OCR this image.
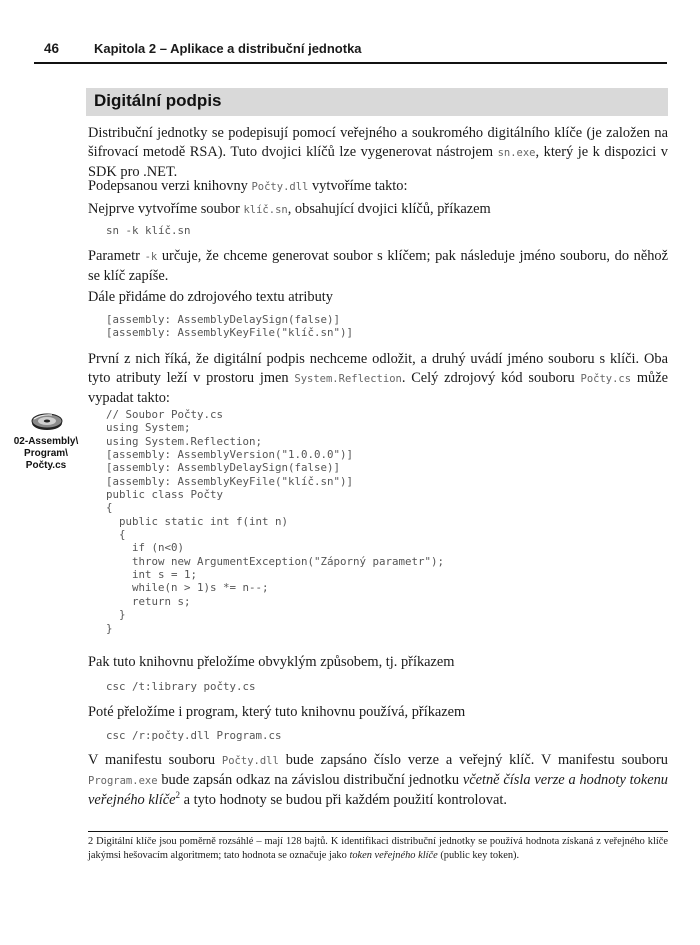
46	Kapitola 2 – Aplikace a distribuční jednotka
Digitální podpis

Distribuční jednotky se podepisují pomocí veřejného a soukromého digitálního klíče (je založen na šifrovací metodě RSA). Tuto dvojici klíčů lze vygenerovat nástrojem sn.exe, který je k dispozici v SDK pro .NET.

Podepsanou verzi knihovny Počty.dll vytvoříme takto:

Nejprve vytvoříme soubor klíč.sn, obsahující dvojici klíčů, příkazem

sn -k klíč.sn

Parametr -k určuje, že chceme generovat soubor s klíčem; pak následuje jméno souboru, do něhož se klíč zapíše.

Dále přidáme do zdrojového textu atributy

[assembly: AssemblyDelaySign(false)]
[assembly: AssemblyKeyFile("klíč.sn")]

První z nich říká, že digitální podpis nechceme odložit, a druhý uvádí jméno souboru s klíči. Oba tyto atributy leží v prostoru jmen System.Reflection. Celý zdrojový kód souboru Počty.cs může vypadat takto:

02-Assembly\
Program\
Počty.cs
// Soubor Počty.cs
using System;
using System.Reflection;
[assembly: AssemblyVersion("1.0.0.0")]
[assembly: AssemblyDelaySign(false)]
[assembly: AssemblyKeyFile("klíč.sn")]
public class Počty
{
public static int f(int n)
{
if (n<0)
throw new ArgumentException("Záporný parametr");
int s = 1;
while(n > 1)s *= n--;
return s;
}
}

Pak tuto knihovnu přeložíme obvyklým způsobem, tj. příkazem

csc /t:library počty.cs

Poté přeložíme i program, který tuto knihovnu používá, příkazem

csc /r:počty.dll Program.cs

V manifestu souboru Počty.dll bude zapsáno číslo verze a veřejný klíč. V manifestu souboru Program.exe bude zapsán odkaz na závislou distribuční jednotku včetně čísla verze a hodnoty tokenu veřejného klíče$^2$ a tyto hodnoty se budou při každém použití kontrolovat.

2 Digitální klíče jsou poměrně rozsáhlé – mají 128 bajtů. K identifikaci distribuční jednotky se používá hodnota získaná z veřejného klíče jakýmsi hešovacím algoritmem; tato hodnota se označuje jako token veřejného klíče (public key token).
